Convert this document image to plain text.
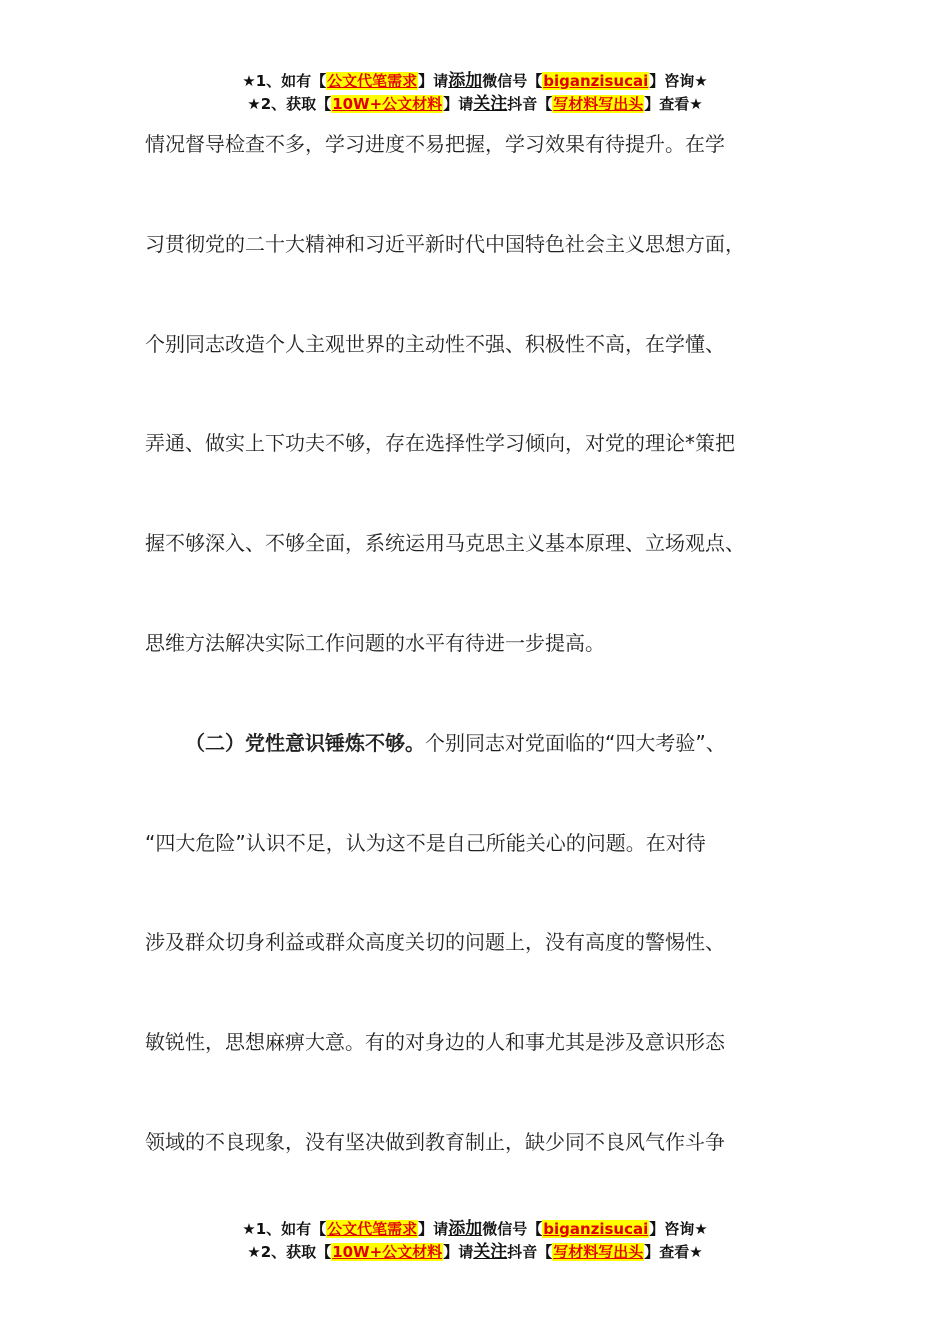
★1、如有【公文代笔需求】请添加微信号【biganzisucai】咨询★
★2、获取【10W+公文材料】请关注抖音【写材料写出头】查看★
情况督导检查不多，学习进度不易把握，学习效果有待提升。在学
习贯彻党的二十大精神和习近平新时代中国特色社会主义思想方面，
个别同志改造个人主观世界的主动性不强、积极性不高，在学懂、
弄通、做实上下功夫不够，存在选择性学习倾向，对党的理论*策把
握不够深入、不够全面，系统运用马克思主义基本原理、立场观点、
思维方法解决实际工作问题的水平有待进一步提高。
（二）党性意识锤炼不够。个别同志对党面临的“四大考验”、
“四大危险”认识不足，认为这不是自己所能关心的问题。在对待
涉及群众切身利益或群众高度关切的问题上，没有高度的警惕性、
敏锐性，思想麻痹大意。有的对身边的人和事尤其是涉及意识形态
领域的不良现象，没有坚决做到教育制止，缺少同不良风气作斗争
★1、如有【公文代笔需求】请添加微信号【biganzisucai】咨询★
★2、获取【10W+公文材料】请关注抖音【写材料写出头】查看★
